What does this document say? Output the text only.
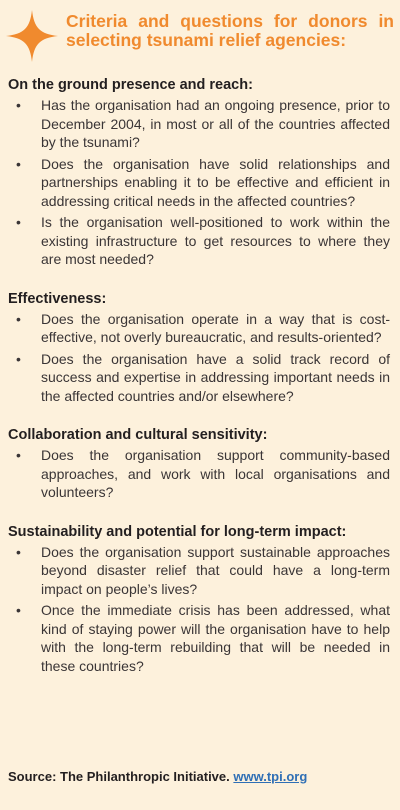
Criteria and questions for donors in selecting tsunami relief agencies:

On the ground presence and reach:

• Has the organisation had an ongoing presence, prior to December 2004, in most or all of the countries affected by the tsunami?
• Does the organisation have solid relationships and partnerships enabling it to be effective and efficient in addressing critical needs in the affected countries?
• Is the organisation well-positioned to work within the existing infrastructure to get resources to where they are most needed?

Effectiveness:

• Does the organisation operate in a way that is cost-effective, not overly bureaucratic, and results-oriented?
• Does the organisation have a solid track record of success and expertise in addressing important needs in the affected countries and/or elsewhere?

Collaboration and cultural sensitivity:

• Does the organisation support community-based approaches, and work with local organisations and volunteers?

Sustainability and potential for long-term impact:

• Does the organisation support sustainable approaches beyond disaster relief that could have a long-term impact on people’s lives?
• Once the immediate crisis has been addressed, what kind of staying power will the organisation have to help with the long-term rebuilding that will be needed in these countries?
Source: The Philanthropic Initiative. www.tpi.org
